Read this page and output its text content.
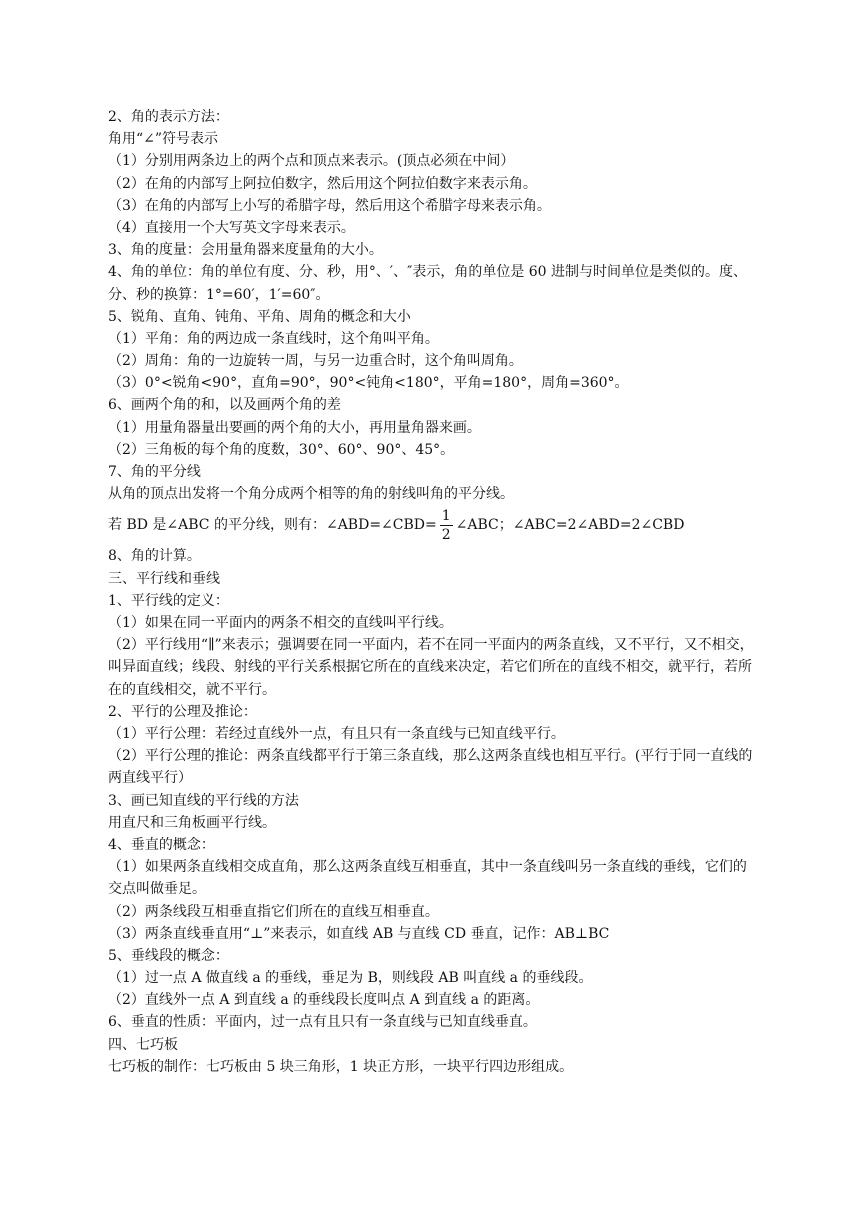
2、角的表示方法：
角用“∠”符号表示
（1）分别用两条边上的两个点和顶点来表示。(顶点必须在中间）
（2）在角的内部写上阿拉伯数字，然后用这个阿拉伯数字来表示角。
（3）在角的内部写上小写的希腊字母，然后用这个希腊字母来表示角。
（4）直接用一个大写英文字母来表示。
3、角的度量：会用量角器来度量角的大小。
4、角的单位：角的单位有度、分、秒，用°、′、″表示，角的单位是 60 进制与时间单位是类似的。度、分、秒的换算：1°=60′，1′=60″。
5、锐角、直角、钝角、平角、周角的概念和大小
（1）平角：角的两边成一条直线时，这个角叫平角。
（2）周角：角的一边旋转一周，与另一边重合时，这个角叫周角。
（3）0°<锐角<90°，直角=90°，90°<钝角<180°，平角=180°，周角=360°。
6、画两个角的和，以及画两个角的差
（1）用量角器量出要画的两个角的大小，再用量角器来画。
（2）三角板的每个角的度数，30°、60°、90°、45°。
7、角的平分线
从角的顶点出发将一个角分成两个相等的角的射线叫角的平分线。
若 BD 是∠ABC 的平分线，则有：∠ABD=∠CBD= $\frac{1}{2}$ ∠ABC；∠ABC=2∠ABD=2∠CBD
8、角的计算。
三、平行线和垂线
1、平行线的定义：
（1）如果在同一平面内的两条不相交的直线叫平行线。
（2）平行线用“∥”来表示；强调要在同一平面内，若不在同一平面内的两条直线，又不平行，又不相交，叫异面直线；线段、射线的平行关系根据它所在的直线来决定，若它们所在的直线不相交，就平行，若所在的直线相交，就不平行。
2、平行的公理及推论：
（1）平行公理：若经过直线外一点，有且只有一条直线与已知直线平行。
（2）平行公理的推论：两条直线都平行于第三条直线，那么这两条直线也相互平行。(平行于同一直线的两直线平行）
3、画已知直线的平行线的方法
用直尺和三角板画平行线。
4、垂直的概念：
（1）如果两条直线相交成直角，那么这两条直线互相垂直，其中一条直线叫另一条直线的垂线，它们的交点叫做垂足。
（2）两条线段互相垂直指它们所在的直线互相垂直。
（3）两条直线垂直用“⊥”来表示，如直线 AB 与直线 CD 垂直，记作：AB⊥BC
5、垂线段的概念：
（1）过一点 A 做直线 a 的垂线，垂足为 B，则线段 AB 叫直线 a 的垂线段。
（2）直线外一点 A 到直线 a 的垂线段长度叫点 A 到直线 a 的距离。
6、垂直的性质：平面内，过一点有且只有一条直线与已知直线垂直。
四、七巧板
七巧板的制作：七巧板由 5 块三角形，1 块正方形，一块平行四边形组成。
